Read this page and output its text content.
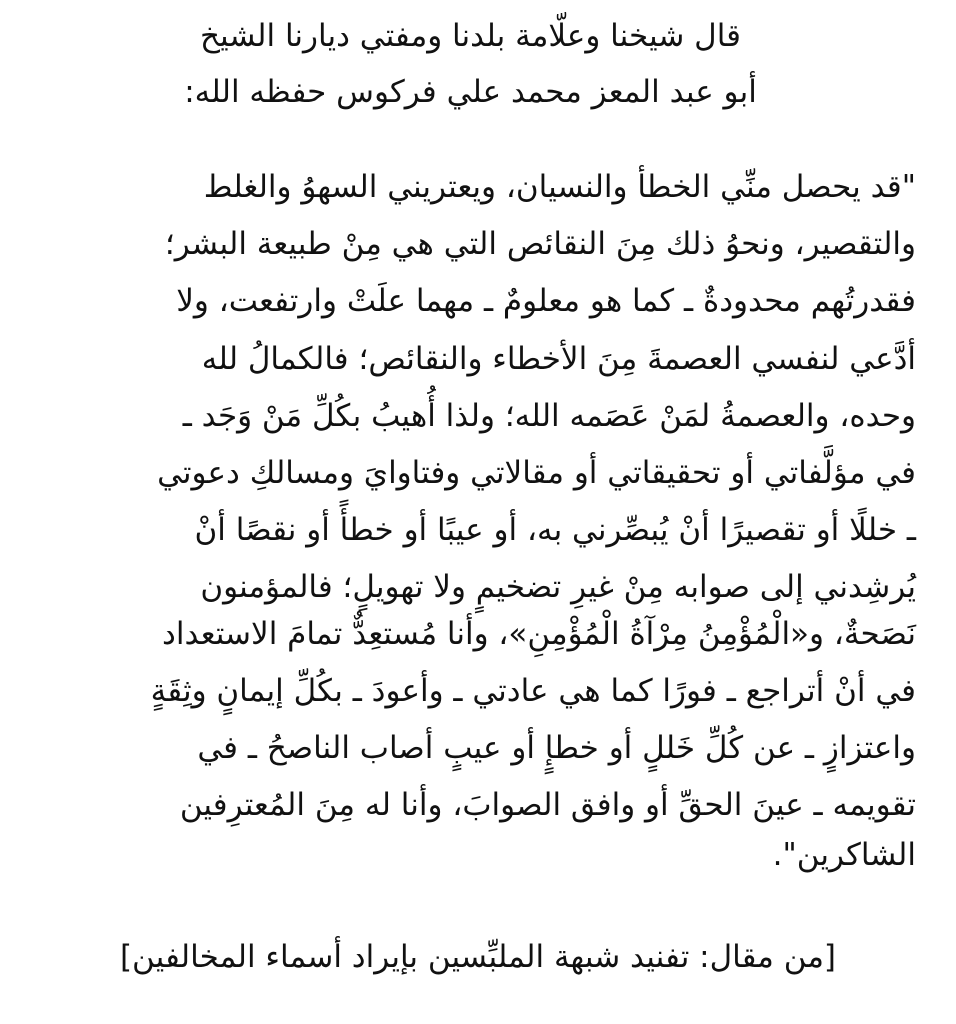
قال شيخنا وعلّامة بلدنا ومفتي ديارنا الشيخ
أبو عبد المعز محمد علي فركوس حفظه الله:
"قد يحصل منِّي الخطأ والنسيان، ويعتريني السهوُ والغلط
والتقصير، ونحوُ ذلك مِنَ النقائص التي هي مِنْ طبيعة البشر؛
فقدرتُهم محدودةٌ ـ كما هو معلومٌ ـ مهما علَتْ وارتفعت، ولا
أدَّعي لنفسي العصمةَ مِنَ الأخطاء والنقائص؛ فالكمالُ لله
وحده، والعصمةُ لمَنْ عَصَمه الله؛ ولذا أُهيبُ بكُلِّ مَنْ وَجَد ـ
في مؤلَّفاتي أو تحقيقاتي أو مقالاتي وفتاوايَ ومسالكِ دعوتي
ـ خللًا أو تقصيرًا أنْ يُبصِّرني به، أو عيبًا أو خطأً أو نقصًا أنْ
يُرشِدني إلى صوابه مِنْ غيرِ تضخيمٍ ولا تهويلٍ؛ فالمؤمنون
نَصَحةٌ، و«الْمُؤْمِنُ مِرْآةُ الْمُؤْمِنِ»، وأنا مُستعِدٌّ تمامَ الاستعداد
في أنْ أتراجع ـ فورًا كما هي عادتي ـ وأعودَ ـ بكُلِّ إيمانٍ وثِقَةٍ
واعتزازٍ ـ عن كُلِّ خَللٍ أو خطإٍ أو عيبٍ أصاب الناصحُ ـ في
تقويمه ـ عينَ الحقِّ أو وافق الصوابَ، وأنا له مِنَ المُعترِفين
الشاكرين".
[من مقال: تفنيد شبهة الملبِّسين بإيراد أسماء المخالفين]
